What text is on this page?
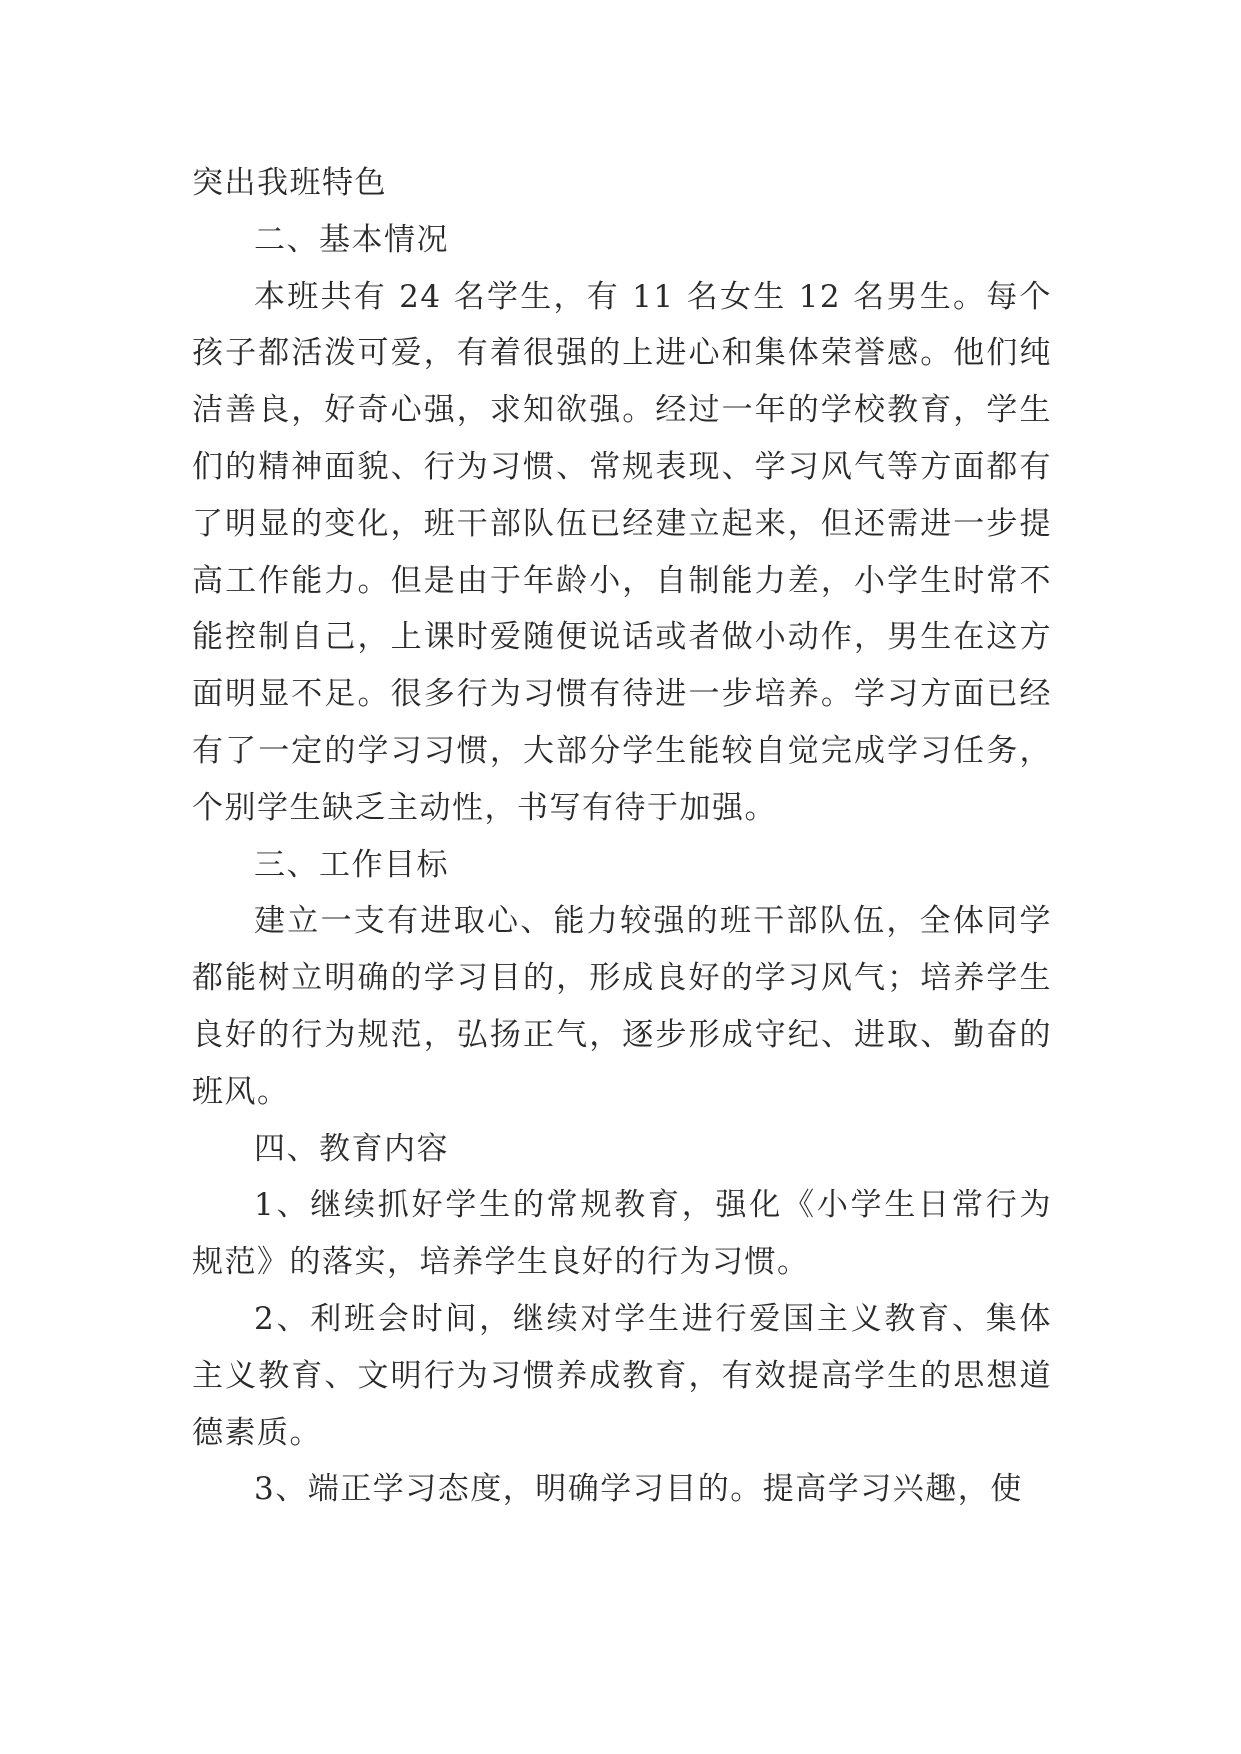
突出我班特色

二、基本情况

本班共有 24 名学生，有 11 名女生 12 名男生。每个孩子都活泼可爱，有着很强的上进心和集体荣誉感。他们纯洁善良，好奇心强，求知欲强。经过一年的学校教育，学生们的精神面貌、行为习惯、常规表现、学习风气等方面都有了明显的变化，班干部队伍已经建立起来，但还需进一步提高工作能力。但是由于年龄小，自制能力差，小学生时常不能控制自己，上课时爱随便说话或者做小动作，男生在这方面明显不足。很多行为习惯有待进一步培养。学习方面已经有了一定的学习习惯，大部分学生能较自觉完成学习任务，个别学生缺乏主动性，书写有待于加强。

三、工作目标

建立一支有进取心、能力较强的班干部队伍，全体同学都能树立明确的学习目的，形成良好的学习风气；培养学生良好的行为规范，弘扬正气，逐步形成守纪、进取、勤奋的班风。

四、教育内容

1、继续抓好学生的常规教育，强化《小学生日常行为规范》的落实，培养学生良好的行为习惯。

2、利班会时间，继续对学生进行爱国主义教育、集体主义教育、文明行为习惯养成教育，有效提高学生的思想道德素质。

3、端正学习态度，明确学习目的。提高学习兴趣，使
